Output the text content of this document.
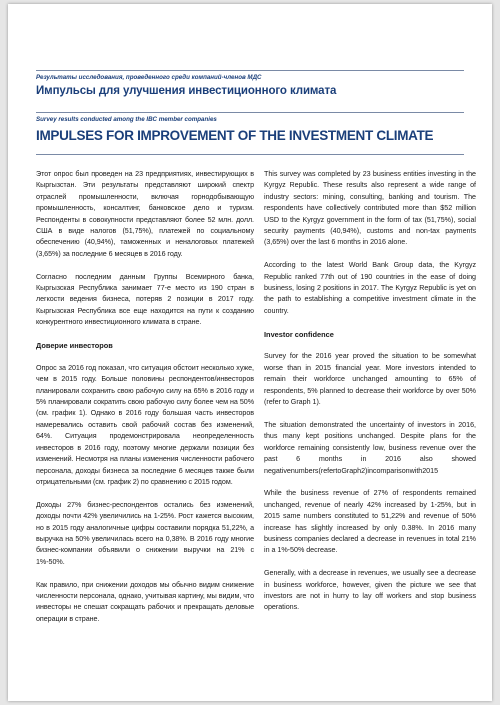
Результаты исследования, проведенного среди компаний-членов МДС
Импульсы для улучшения инвестиционного климата
Survey results conducted among the IBC member companies
IMPULSES FOR IMPROVEMENT OF THE INVESTMENT CLIMATE

Этот опрос был проведен на 23 предприятиях, инвестирующих в Кыргызстан. Эти результаты представляют широкий спектр отраслей промышленности, включая горнодобывающую промышленность, консалтинг, банковское дело и туризм. Респонденты в совокупности представляют более 52 млн. долл. США в виде налогов (51,75%), платежей по социальному обеспечению (40,94%), таможенных и неналоговых платежей (3,65%) за последние 6 месяцев в 2016 году.

Согласно последним данным Группы Всемирного банка, Кыргызская Республика занимает 77-е место из 190 стран в легкости ведения бизнеса, потеряв 2 позиции в 2017 году. Кыргызская Республика все еще находится на пути к созданию конкурентного инвестиционного климата в стране.

Доверие инвесторов

Опрос за 2016 год показал, что ситуация обстоит несколько хуже, чем в 2015 году. Больше половины респондентов/инвесторов планировали сохранить свою рабочую силу на 65% в 2016 году и 5% планировали сократить свою рабочую силу более чем на 50% (см. график 1). Однако в 2016 году большая часть инвесторов намеревались оставить свой рабочий состав без изменений, 64%. Ситуация продемонстрировала неопределенность инвесторов в 2016 году, поэтому многие держали позиции без изменений. Несмотря на планы изменения численности рабочего персонала, доходы бизнеса за последние 6 месяцев также были отрицательными (см. график 2) по сравнению с 2015 годом.

Доходы 27% бизнес-респондентов остались без изменений, доходы почти 42% увеличились на 1-25%. Рост кажется высоким, но в 2015 году аналогичные цифры составили порядка 51,22%, а выручка на 50% увеличилась всего на 0,38%. В 2016 году многие бизнес-компании объявили о снижении выручки на 21% с 1%-50%.

Как правило, при снижении доходов мы обычно видим снижение численности персонала, однако, учитывая картину, мы видим, что инвесторы не спешат сокращать рабочих и прекращать деловые операции в стране.

This survey was completed by 23 business entities investing in the Kyrgyz Republic. These results also represent a wide range of industry sectors: mining, consulting, banking and tourism. The respondents have collectively contributed more than $52 million USD to the Kyrgyz government in the form of tax (51,75%), social security payments (40,94%), customs and non-tax payments (3,65%) over the last 6 months in 2016 alone.

According to the latest World Bank Group data, the Kyrgyz Republic ranked 77th out of 190 countries in the ease of doing business, losing 2 positions in 2017. The Kyrgyz Republic is yet on the path to establishing a competitive investment climate in the country.

Investor confidence

Survey for the 2016 year proved the situation to be somewhat worse than in 2015 financial year. More investors intended to remain their workforce unchanged amounting to 65% of respondents, 5% planned to decrease their workforce by over 50% (refer to Graph 1).

The situation demonstrated the uncertainty of investors in 2016, thus many kept positions unchanged. Despite plans for the workforce remaining consistently low, business revenue over the past 6 months in 2016 also showed negativenumbers(refertoGraph2)incomparisonwith2015

While the business revenue of 27% of respondents remained unchanged, revenue of nearly 42% increased by 1-25%, but in 2015 same numbers constituted to 51,22% and revenue of 50% increase has slightly increased by only 0.38%. In 2016 many business companies declared a decrease in revenues in total 21% in a 1%-50% decrease.

Generally, with a decrease in revenues, we usually see a decrease in business workforce, however, given the picture we see that investors are not in hurry to lay off workers and stop business operations.
